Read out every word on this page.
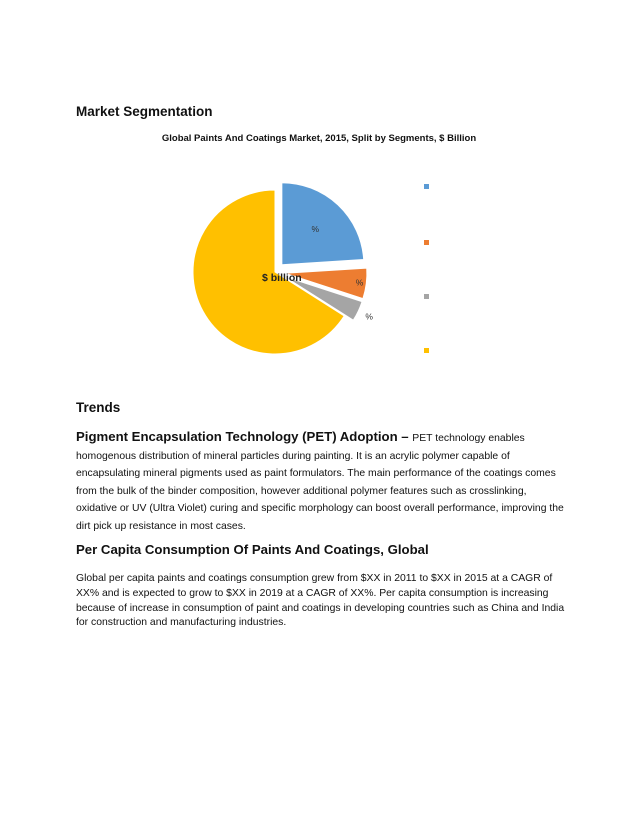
Market Segmentation
Global Paints And Coatings Market, 2015, Split by Segments, $ Billion
$ billion
%
%
%
Trends
Pigment Encapsulation Technology (PET) Adoption – PET technology enables homogenous distribution of mineral particles during painting. It is an acrylic polymer capable of encapsulating mineral pigments used as paint formulators. The main performance of the coatings comes from the bulk of the binder composition, however additional polymer features such as crosslinking, oxidative or UV (Ultra Violet) curing and specific morphology can boost overall performance, improving the dirt pick up resistance in most cases.
Per Capita Consumption Of Paints And Coatings, Global
Global per capita paints and coatings consumption grew from $XX in 2011 to $XX in 2015 at a CAGR of XX% and is expected to grow to $XX in 2019 at a CAGR of XX%. Per capita consumption is increasing because of increase in consumption of paint and coatings in developing countries such as China and India for construction and manufacturing industries.
